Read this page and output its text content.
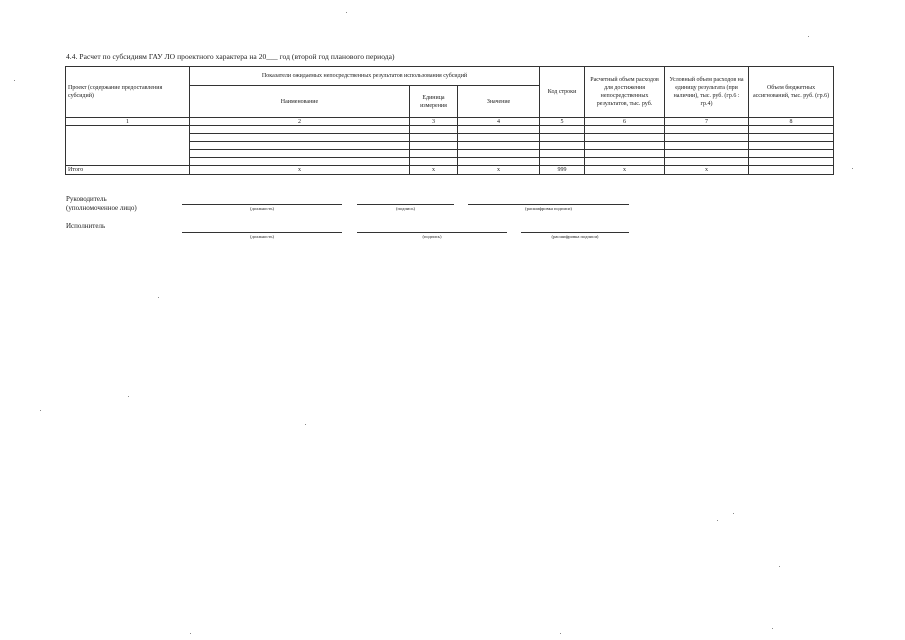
4.4. Расчет по субсидиям ГАУ ЛО проектного характера на 20___ год (второй год планового периода)
Проект (содержание предоставления субсидий)	Показатели ожидаемых непосредственных результатов использования субсидий			Код строки	Расчетный объем расходов для достижения непосредственных результатов, тыс. руб.	Условный объем расходов на единицу результата (при наличии), тыс. руб. (гр.6 : гр.4)	Объем бюджетных ассигнований, тыс. руб. (гр.6)
	Наименование	Единица измерения	Значение				
1	2	3	4	5	6	7	8

Итого	x	x	x	999	x	x	
Руководитель
(уполномоченное лицо)	(должность)	(подпись)	(расшифровка подписи)
Исполнитель
(должность)	(подпись)	(расшифровка подписи)
